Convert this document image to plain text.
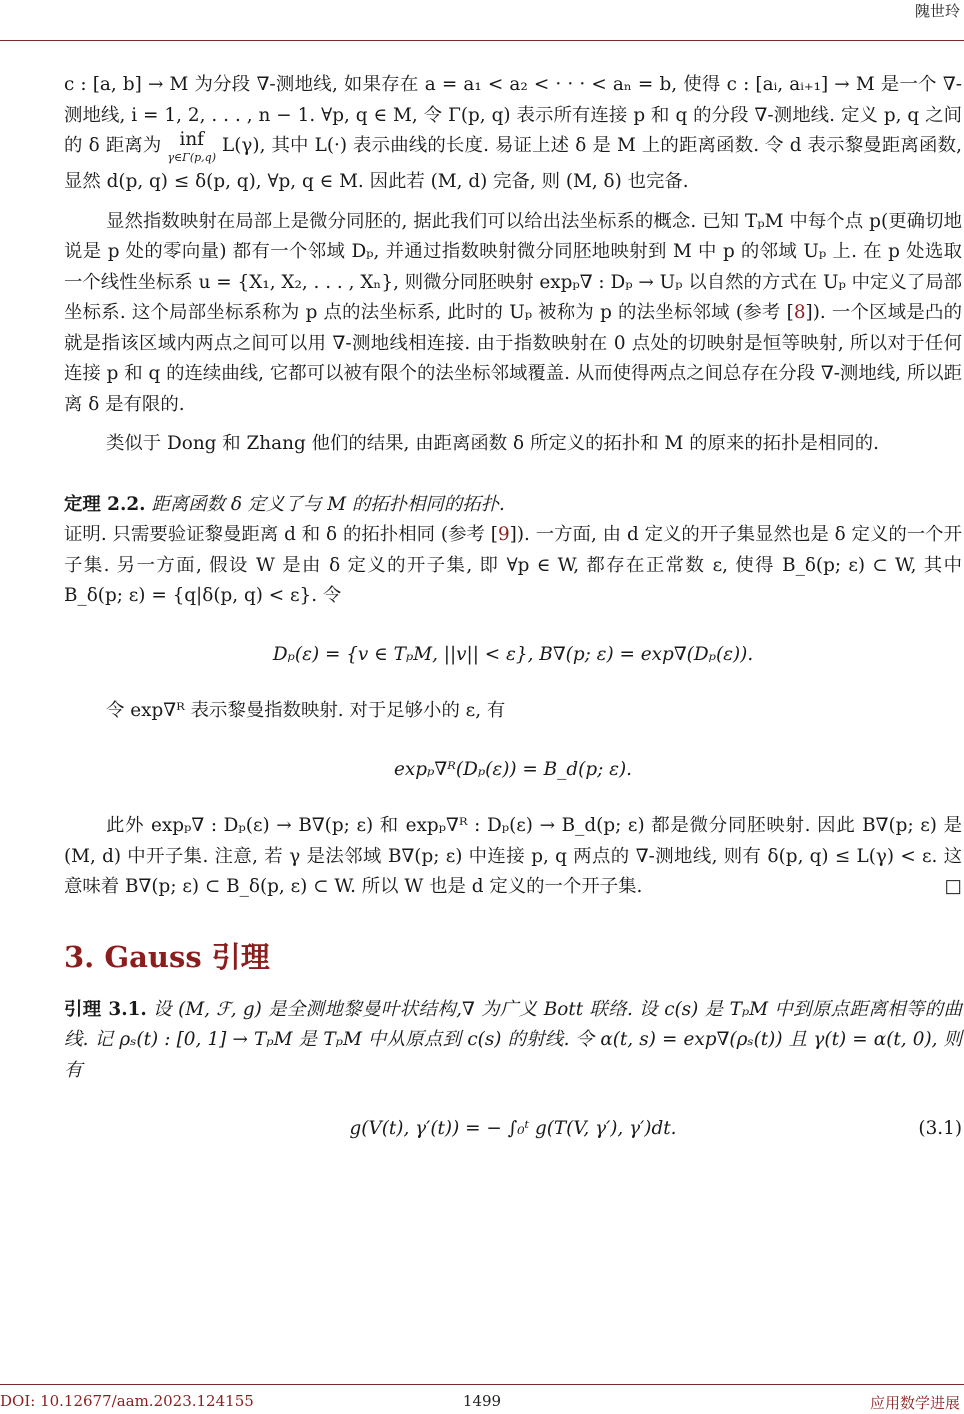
隗世玲

c : [a, b] → M 为分段 ∇-测地线, 如果存在 a = a₁ < a₂ < · · · < aₙ = b, 使得 c : [aᵢ, aᵢ₊₁] → M 是一个 ∇- 测地线, i = 1, 2, . . . , n − 1. ∀p, q ∈ M, 令 Γ(p, q) 表示所有连接 p 和 q 的分段 ∇-测地线. 定义 p, q 之间的 δ 距离为 inf
γ∈Γ(p,q)
L(γ), 其中 L(·) 表示曲线的长度. 易证上述 δ 是 M 上的距离函数. 令 d 表示黎曼距离函数, 显然 d(p, q) ≤ δ(p, q), ∀p, q ∈ M. 因此若 (M, d) 完备, 则 (M, δ) 也完备.

显然指数映射在局部上是微分同胚的, 据此我们可以给出法坐标系的概念. 已知 TₚM 中每个点 p(更确切地说是 p 处的零向量) 都有一个邻域 Dₚ, 并通过指数映射微分同胚地映射到 M 中 p 的邻域 Uₚ 上. 在 p 处选取一个线性坐标系 u = {X₁, X₂, . . . , Xₙ}, 则微分同胚映射 expₚ∇ : Dₚ → Uₚ 以自然的方式在 Uₚ 中定义了局部坐标系. 这个局部坐标系称为 p 点的法坐标系, 此时的 Uₚ 被称为 p 的法坐标邻域 (参考 [8]). 一个区域是凸的就是指该区域内两点之间可以用 ∇-测地线相连接. 由于指数映射在 0 点处的切映射是恒等映射, 所以对于任何连接 p 和 q 的连续曲线, 它都可以被有限个的法坐标邻域覆盖. 从而使得两点之间总存在分段 ∇-测地线, 所以距离 δ 是有限的.

类似于 Dong 和 Zhang 他们的结果, 由距离函数 δ 所定义的拓扑和 M 的原来的拓扑是相同的.

定理 2.2. 距离函数 δ 定义了与 M 的拓扑相同的拓扑.

证明. 只需要验证黎曼距离 d 和 δ 的拓扑相同 (参考 [9]). 一方面, 由 d 定义的开子集显然也是 δ 定义的一个开子集. 另一方面, 假设 W 是由 δ 定义的开子集, 即 ∀p ∈ W, 都存在正常数 ε, 使得 B_δ(p; ε) ⊂ W, 其中 B_δ(p; ε) = {q|δ(p, q) < ε}. 令

Dₚ(ε) = {v ∈ TₚM, ||v|| < ε}, B∇(p; ε) = exp∇(Dₚ(ε)).

令 exp∇ᴿ 表示黎曼指数映射. 对于足够小的 ε, 有

expₚ∇ᴿ(Dₚ(ε)) = B_d(p; ε).

此外 expₚ∇ : Dₚ(ε) → B∇(p; ε) 和 expₚ∇ᴿ : Dₚ(ε) → B_d(p; ε) 都是微分同胚映射. 因此 B∇(p; ε) 是 (M, d) 中开子集. 注意, 若 γ 是法邻域 B∇(p; ε) 中连接 p, q 两点的 ∇-测地线, 则有 δ(p, q) ≤ L(γ) < ε. 这意味着 B∇(p; ε) ⊂ B_δ(p, ε) ⊂ W. 所以 W 也是 d 定义的一个开子集.	□

3. Gauss 引理

引理 3.1. 设 (M, ℱ, g) 是全测地黎曼叶状结构,∇ 为广义 Bott 联络. 设 c(s) 是 TₚM 中到原点距离相等的曲线. 记 ρₛ(t) : [0, 1] → TₚM 是 TₚM 中从原点到 c(s) 的射线. 令 α(t, s) = exp∇(ρₛ(t)) 且 γ(t) = α(t, 0), 则有

g(V(t), γ′(t)) = − ∫₀ᵗ g(T(V, γ′), γ′)dt.	(3.1)
DOI: 10.12677/aam.2023.124155	1499	应用数学进展
